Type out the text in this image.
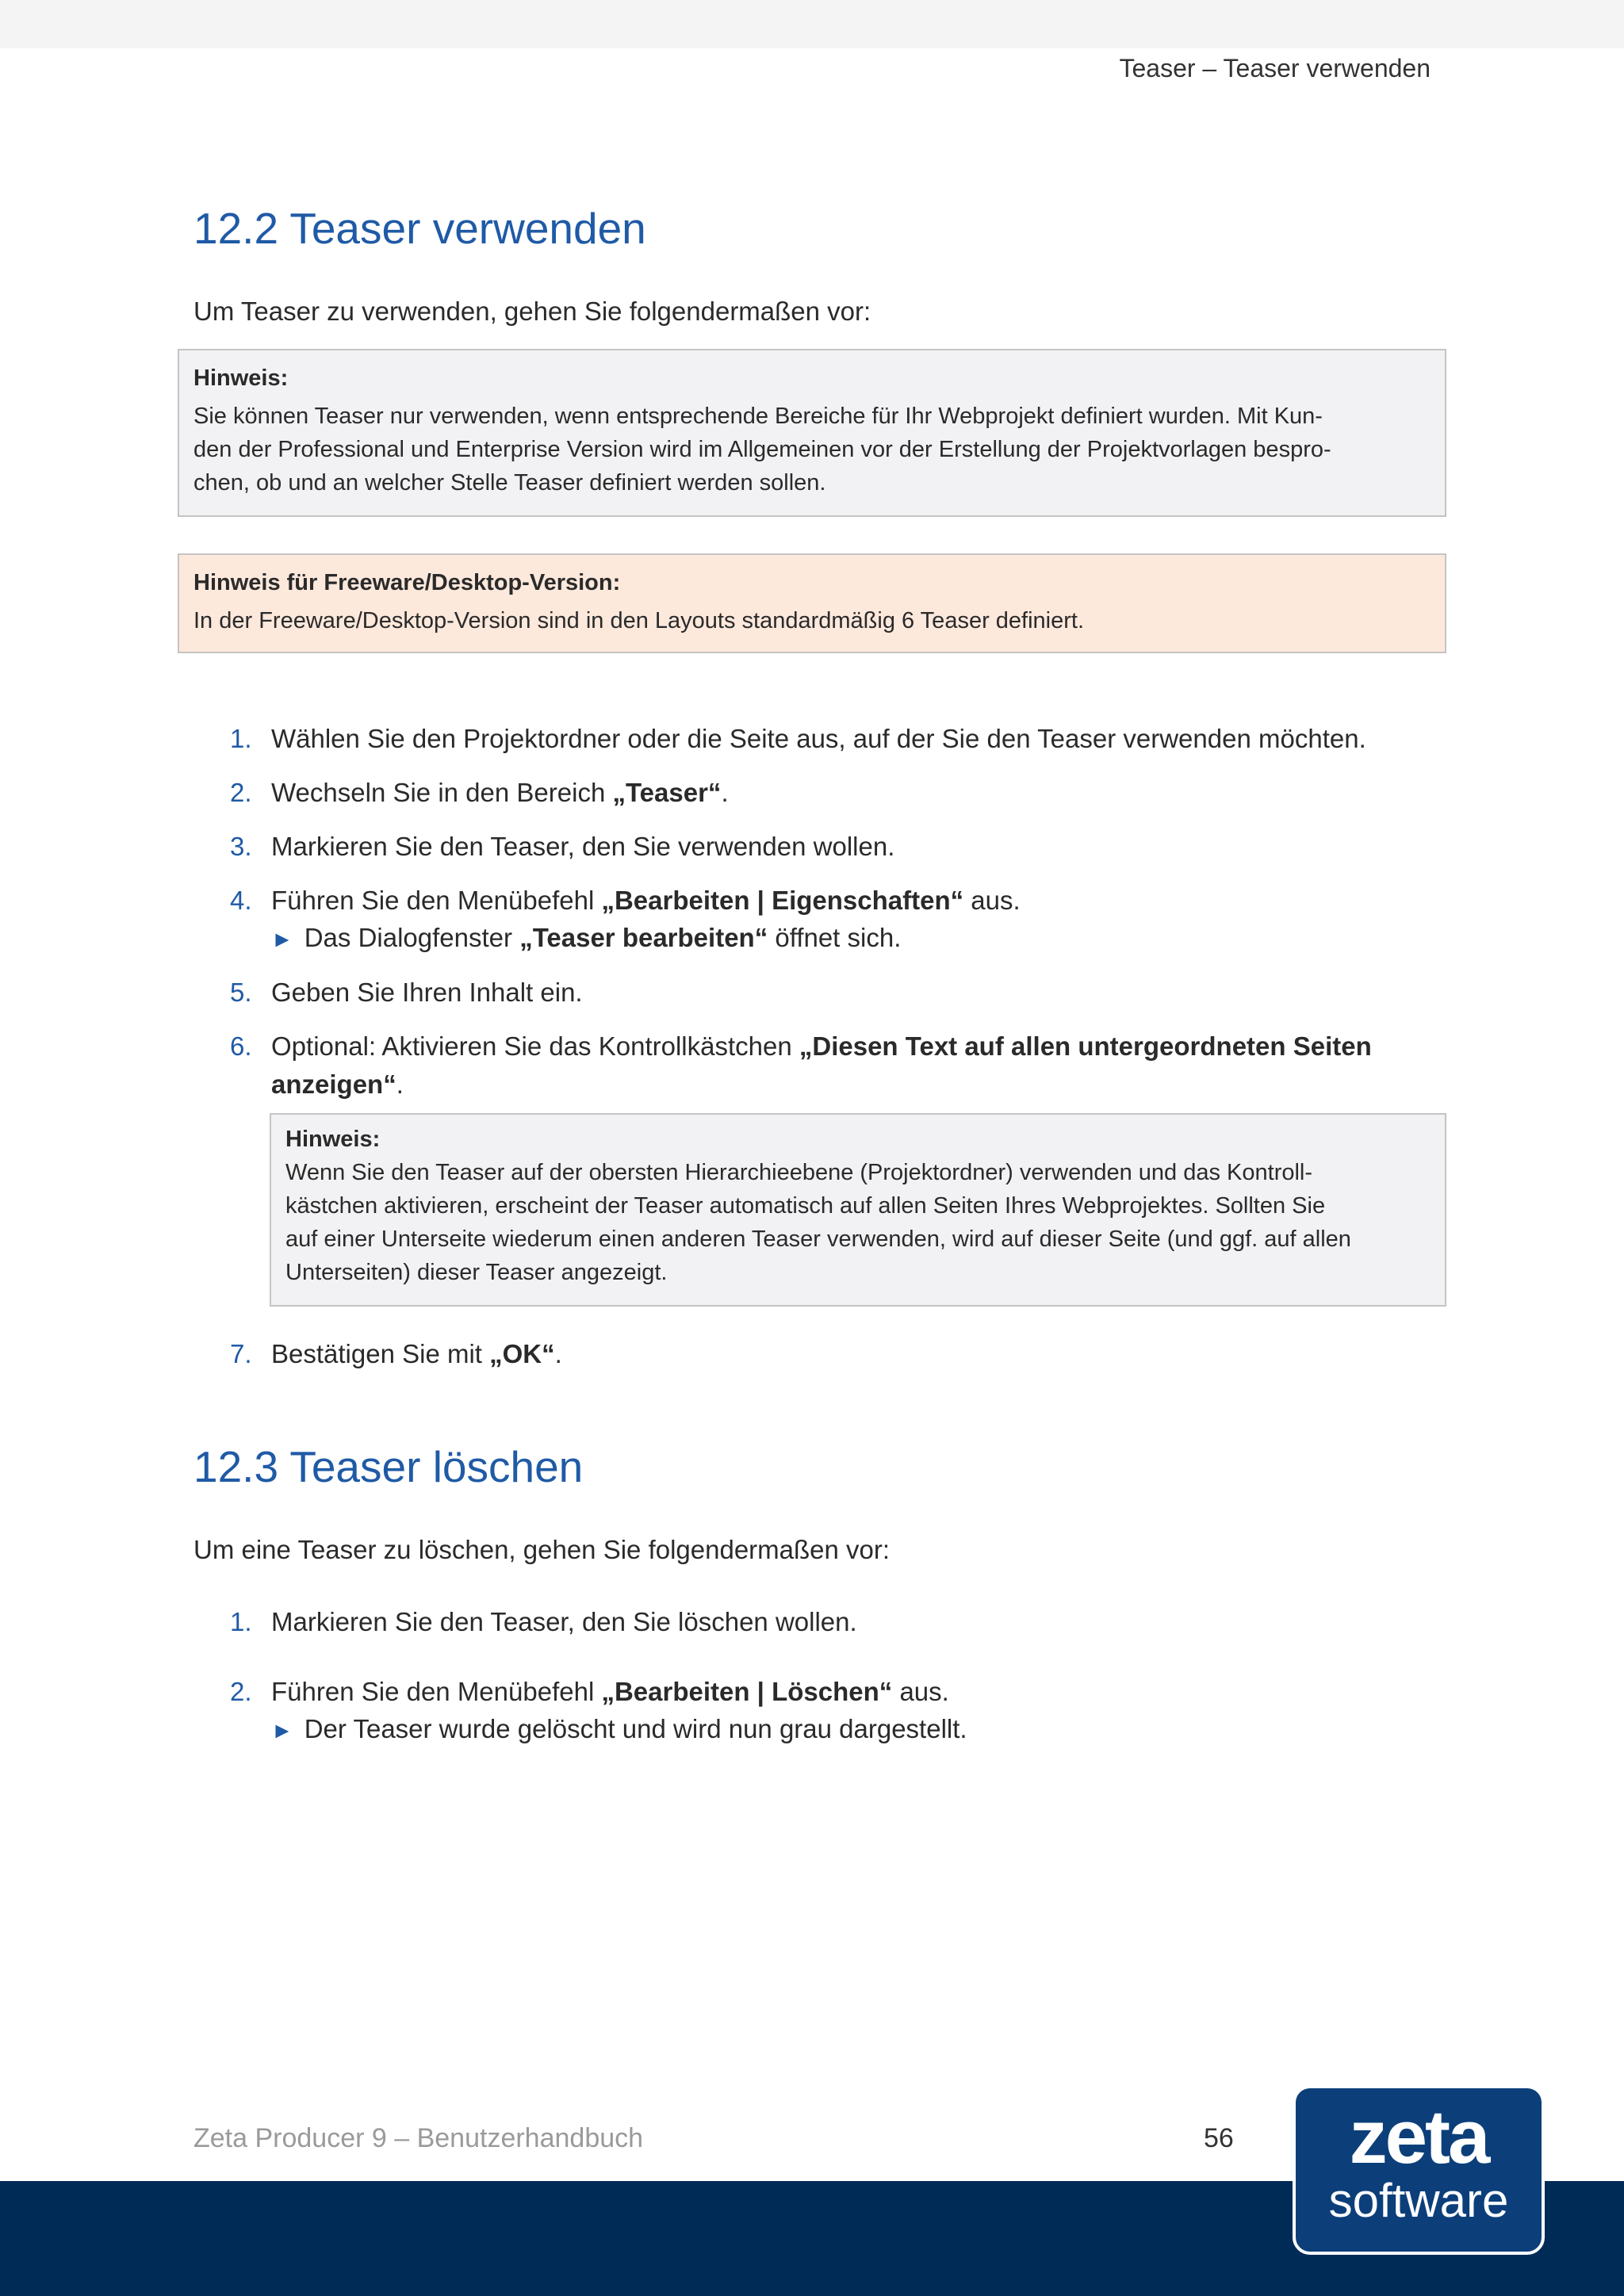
Teaser – Teaser verwenden
12.2 Teaser verwenden
Um Teaser zu verwenden, gehen Sie folgendermaßen vor:
Hinweis:
Sie können Teaser nur verwenden, wenn entsprechende Bereiche für Ihr Webprojekt definiert wurden. Mit Kun-
den der Professional und Enterprise Version wird im Allgemeinen vor der Erstellung der Projektvorlagen bespro-
chen, ob und an welcher Stelle Teaser definiert werden sollen.
Hinweis für Freeware/Desktop-Version:
In der Freeware/Desktop-Version sind in den Layouts standardmäßig 6 Teaser definiert.
1. Wählen Sie den Projektordner oder die Seite aus, auf der Sie den Teaser verwenden möchten.
2. Wechseln Sie in den Bereich „Teaser“.
3. Markieren Sie den Teaser, den Sie verwenden wollen.
4. Führen Sie den Menübefehl „Bearbeiten | Eigenschaften“ aus.
► Das Dialogfenster „Teaser bearbeiten“ öffnet sich.
5. Geben Sie Ihren Inhalt ein.
6. Optional: Aktivieren Sie das Kontrollkästchen „Diesen Text auf allen untergeordneten Seiten
anzeigen“.
Hinweis:
Wenn Sie den Teaser auf der obersten Hierarchieebene (Projektordner) verwenden und das Kontroll-
kästchen aktivieren, erscheint der Teaser automatisch auf allen Seiten Ihres Webprojektes. Sollten Sie
auf einer Unterseite wiederum einen anderen Teaser verwenden, wird auf dieser Seite (und ggf. auf allen
Unterseiten) dieser Teaser angezeigt.
7. Bestätigen Sie mit „OK“.
12.3 Teaser löschen
Um eine Teaser zu löschen, gehen Sie folgendermaßen vor:
1. Markieren Sie den Teaser, den Sie löschen wollen.
2. Führen Sie den Menübefehl „Bearbeiten | Löschen“ aus.
► Der Teaser wurde gelöscht und wird nun grau dargestellt.
Zeta Producer 9 – Benutzerhandbuch	56	zeta
software
